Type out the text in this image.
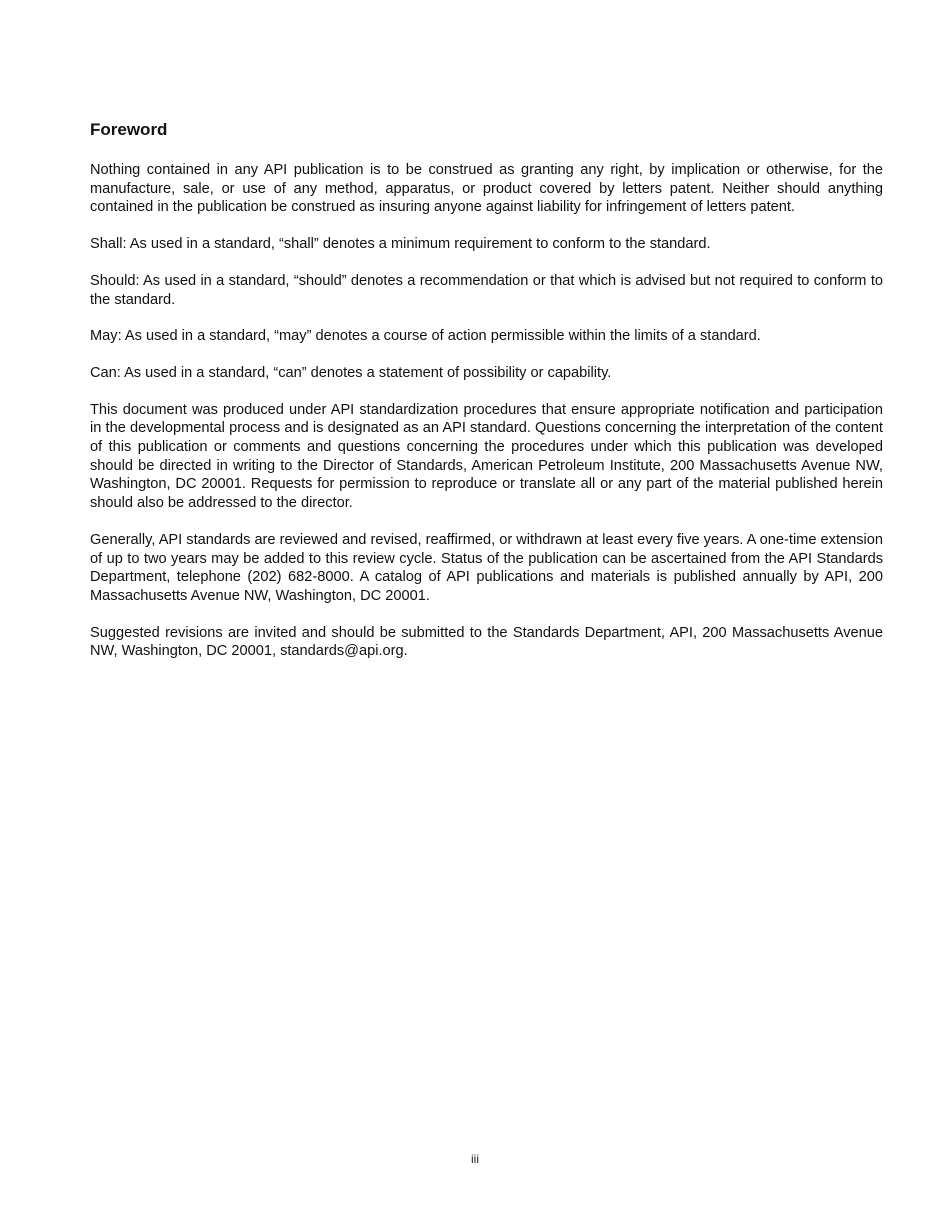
Foreword

Nothing contained in any API publication is to be construed as granting any right, by implication or otherwise, for the manufacture, sale, or use of any method, apparatus, or product covered by letters patent. Neither should anything contained in the publication be construed as insuring anyone against liability for infringement of letters patent.

Shall: As used in a standard, “shall” denotes a minimum requirement to conform to the standard.

Should: As used in a standard, “should” denotes a recommendation or that which is advised but not required to conform to the standard.

May: As used in a standard, “may” denotes a course of action permissible within the limits of a standard.

Can: As used in a standard, “can” denotes a statement of possibility or capability.

This document was produced under API standardization procedures that ensure appropriate notification and participation in the developmental process and is designated as an API standard. Questions concerning the interpretation of the content of this publication or comments and questions concerning the procedures under which this publication was developed should be directed in writing to the Director of Standards, American Petroleum Institute, 200 Massachusetts Avenue NW, Washington, DC 20001. Requests for permission to reproduce or translate all or any part of the material published herein should also be addressed to the director.

Generally, API standards are reviewed and revised, reaffirmed, or withdrawn at least every five years. A one-time extension of up to two years may be added to this review cycle. Status of the publication can be ascertained from the API Standards Department, telephone (202) 682-8000. A catalog of API publications and materials is published annually by API, 200 Massachusetts Avenue NW, Washington, DC 20001.

Suggested revisions are invited and should be submitted to the Standards Department, API, 200 Massachusetts Avenue NW, Washington, DC 20001, standards@api.org.

iii
